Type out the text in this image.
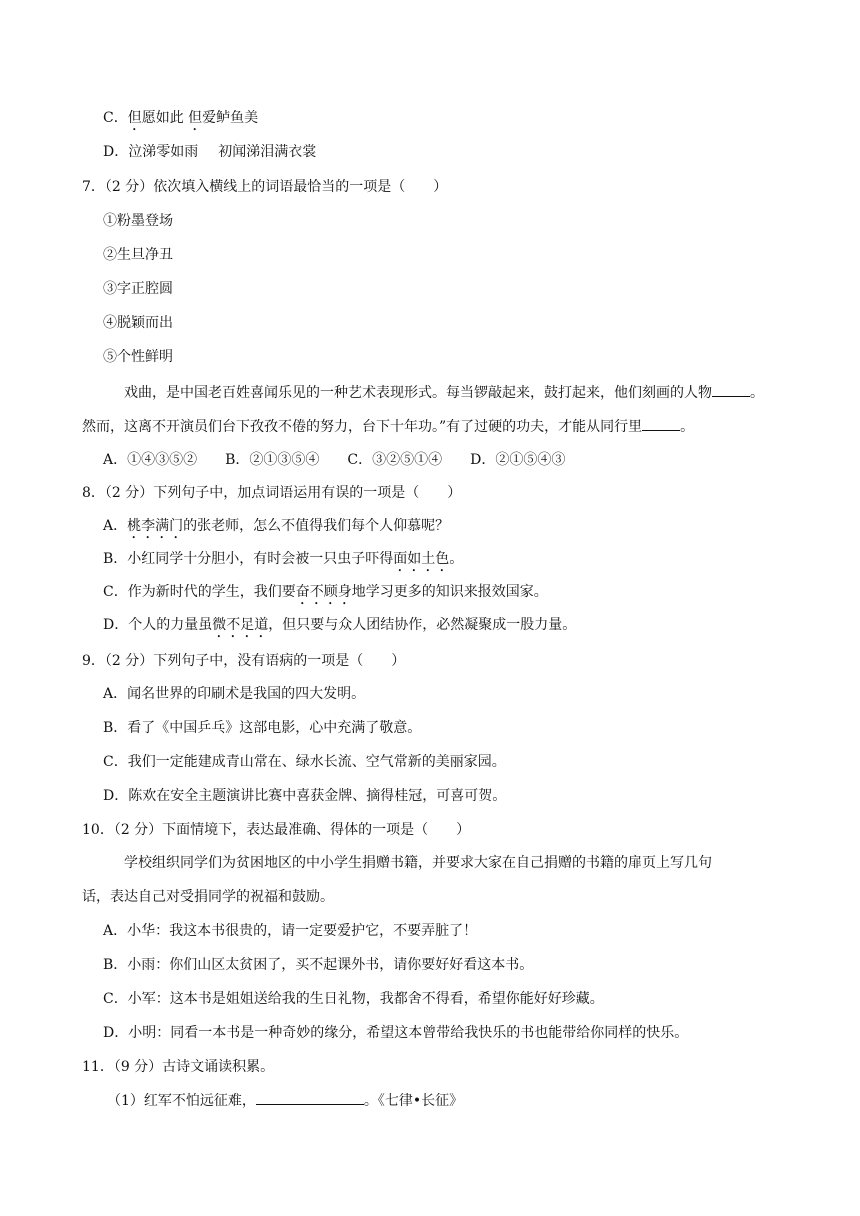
C．但愿如此 但爱鲈鱼美
D．泣涕零如雨 初闻涕泪满衣裳
7．（2 分）依次填入横线上的词语最恰当的一项是（　　）
①粉墨登场
②生旦净丑
③字正腔圆
④脱颖而出
⑤个性鲜明
戏曲，是中国老百姓喜闻乐见的一种艺术表现形式。每当锣敲起来，鼓打起来，他们刻画的人物	。
然而，这离不开演员们台下孜孜不倦的努力，台下十年功。”有了过硬的功夫，才能从同行里	。
A．①④③⑤② B．②①③⑤④ C．③②⑤①④ D．②①⑤④③
8．（2 分）下列句子中，加点词语运用有误的一项是（　　）
A．桃李满门的张老师，怎么不值得我们每个人仰慕呢？
B．小红同学十分胆小，有时会被一只虫子吓得面如土色。
C．作为新时代的学生，我们要奋不顾身地学习更多的知识来报效国家。
D．个人的力量虽微不足道，但只要与众人团结协作，必然凝聚成一股力量。
9．（2 分）下列句子中，没有语病的一项是（　　）
A．闻名世界的印刷术是我国的四大发明。
B．看了《中国乒乓》这部电影，心中充满了敬意。
C．我们一定能建成青山常在、绿水长流、空气常新的美丽家园。
D．陈欢在安全主题演讲比赛中喜获金牌、摘得桂冠，可喜可贺。
10．（2 分）下面情境下，表达最准确、得体的一项是（　　）
学校组织同学们为贫困地区的中小学生捐赠书籍，并要求大家在自己捐赠的书籍的扉页上写几句
话，表达自己对受捐同学的祝福和鼓励。
A．小华：我这本书很贵的，请一定要爱护它，不要弄脏了！
B．小雨：你们山区太贫困了，买不起课外书，请你要好好看这本书。
C．小军：这本书是姐姐送给我的生日礼物，我都舍不得看，希望你能好好珍藏。
D．小明：同看一本书是一种奇妙的缘分，希望这本曾带给我快乐的书也能带给你同样的快乐。
11．（9 分）古诗文诵读积累。
（1）红军不怕远征难，	。《七律•长征》
